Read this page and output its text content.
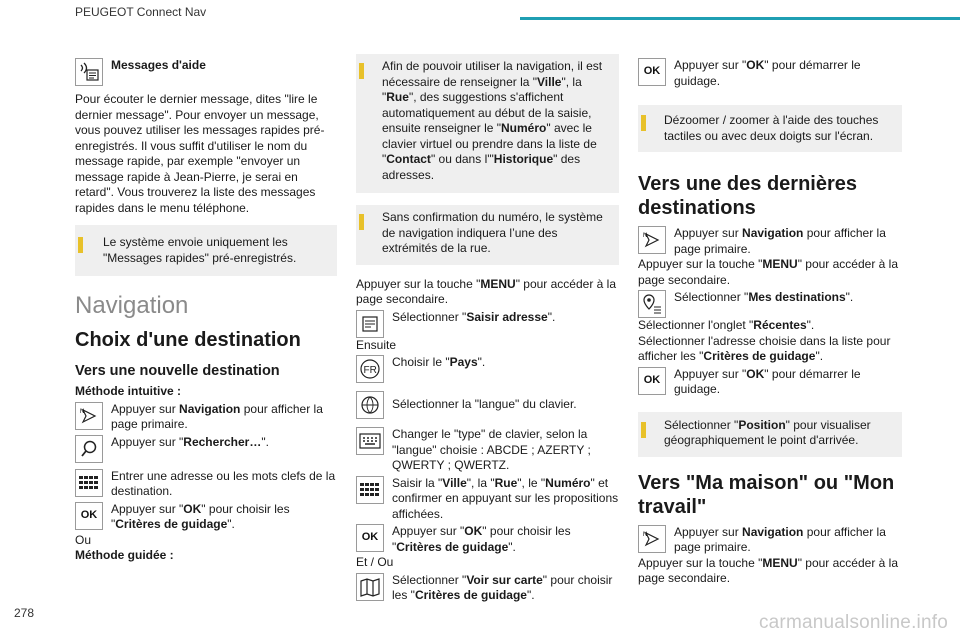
PEUGEOT Connect Nav
278	carmanualsonline.info

Messages d'aide

Pour écouter le dernier message, dites "lire le dernier message". Pour envoyer un message, vous pouvez utiliser les messages rapides pré-enregistrés. Il vous suffit d'utiliser le nom du message rapide, par exemple "envoyer un message rapide à Jean-Pierre, je serai en retard". Vous trouverez la liste des messages rapides dans le menu téléphone.

Le système envoie uniquement les "Messages rapides" pré-enregistrés.

Navigation

Choix d'une destination

Vers une nouvelle destination

Méthode intuitive :

N Appuyer sur Navigation pour afficher la page primaire.

Appuyer sur "Rechercher…".

Entrer une adresse ou les mots clefs de la destination.

OK Appuyer sur "OK" pour choisir les "Critères de guidage".

Ou

Méthode guidée :

Afin de pouvoir utiliser la navigation, il est nécessaire de renseigner la "Ville", la "Rue", des suggestions s'affichent automatiquement au début de la saisie, ensuite renseigner le "Numéro" avec le clavier virtuel ou prendre dans la liste de "Contact" ou dans l'"Historique" des adresses.

Sans confirmation du numéro, le système de navigation indiquera l’une des extrémités de la rue.

Appuyer sur la touche "MENU" pour accéder à la page secondaire.

Sélectionner "Saisir adresse".

Ensuite

FR

Choisir le "Pays".

Sélectionner la "langue" du clavier.

Changer le "type" de clavier, selon la "langue" choisie : ABCDE ; AZERTY ; QWERTY ; QWERTZ.

Saisir la "Ville", la "Rue", le "Numéro" et confirmer en appuyant sur les propositions affichées.

OK Appuyer sur "OK" pour choisir les "Critères de guidage".

Et / Ou

Sélectionner "Voir sur carte" pour choisir les "Critères de guidage".

OK Appuyer sur "OK" pour démarrer le guidage.

Dézoomer / zoomer à l'aide des touches tactiles ou avec deux doigts sur l'écran.

Vers une des dernières destinations

N Appuyer sur Navigation pour afficher la page primaire.

Appuyer sur la touche "MENU" pour accéder à la page secondaire.

Sélectionner "Mes destinations".

Sélectionner l'onglet "Récentes".

Sélectionner l'adresse choisie dans la liste pour afficher les "Critères de guidage".

OK Appuyer sur "OK" pour démarrer le guidage.

Sélectionner "Position" pour visualiser géographiquement le point d'arrivée.

Vers "Ma maison" ou "Mon travail"

N Appuyer sur Navigation pour afficher la page primaire.

Appuyer sur la touche "MENU" pour accéder à la page secondaire.
